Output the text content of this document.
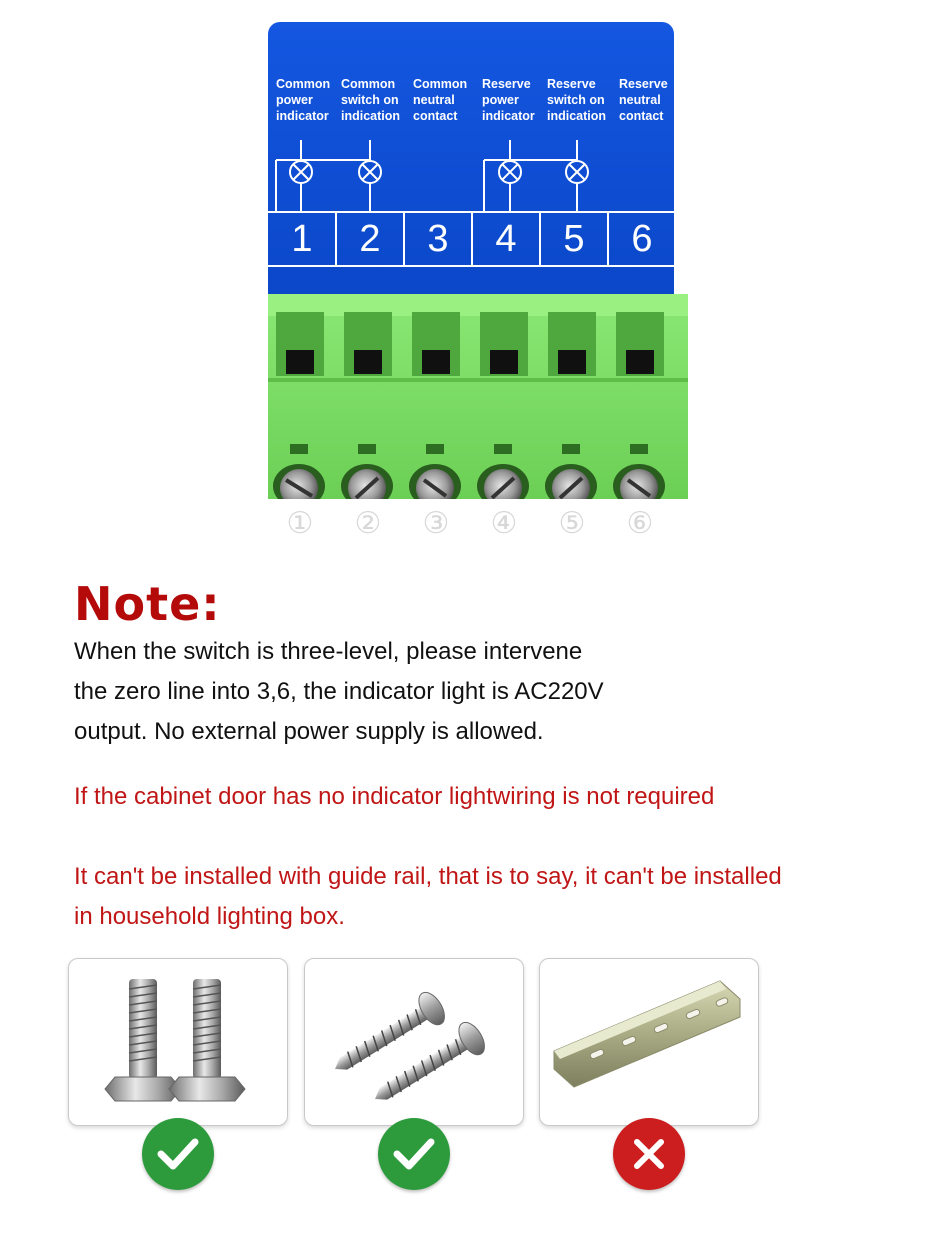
Common
power
indicator
Common
switch on
indication
Common
neutral
contact
Reserve
power
indicator
Reserve
switch on
indication
Reserve
neutral
contact
1	2	3	4	5	6
① ② ③ ④ ⑤ ⑥
Note:
When the switch is three-level, please intervene
the zero line into 3,6, the indicator light is AC220V
output. No external power supply is allowed.
If the cabinet door has no indicator lightwiring is not required
It can't be installed with guide rail, that is to say, it can't be installed
in household lighting box.
